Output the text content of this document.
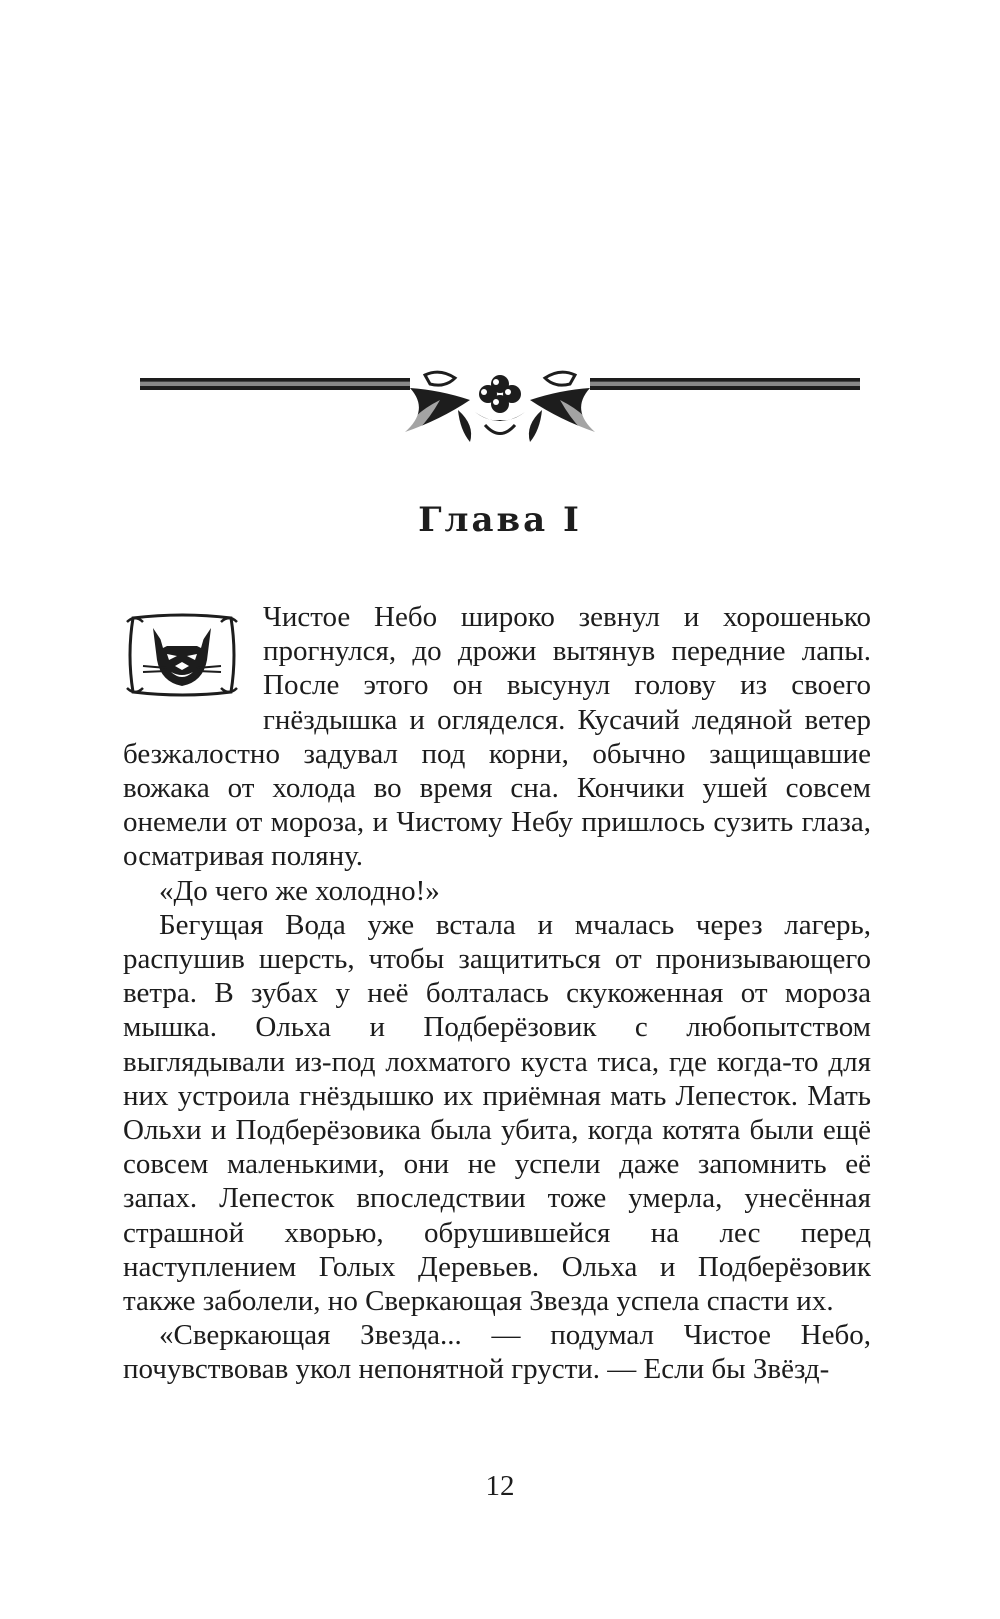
Глава I

Чистое Небо широко зевнул и хорошенько прогнулся, до дрожи вытянув передние лапы. После этого он высунул голову из своего гнёздышка и огляделся. Кусачий ледяной ветер безжалостно задувал под корни, обычно защищавшие вожака от холода во время сна. Кончики ушей совсем онемели от мороза, и Чистому Небу пришлось сузить глаза, осматривая поляну.

«До чего же холодно!»

Бегущая Вода уже встала и мчалась через лагерь, распушив шерсть, чтобы защититься от пронизывающего ветра. В зубах у неё болталась скукоженная от мороза мышка. Ольха и Подберёзовик с любопытством выглядывали из-под лохматого куста тиса, где когда-то для них устроила гнёздышко их приёмная мать Лепесток. Мать Ольхи и Подберёзовика была убита, когда котята были ещё совсем маленькими, они не успели даже запомнить её запах. Лепесток впоследствии тоже умерла, унесённая страшной хворью, обрушившейся на лес перед наступлением Голых Деревьев. Ольха и Подберёзовик также заболели, но Сверкающая Звезда успела спасти их.

«Сверкающая Звезда... — подумал Чистое Небо, почувствовав укол непонятной грусти. — Если бы Звёзд-

12
